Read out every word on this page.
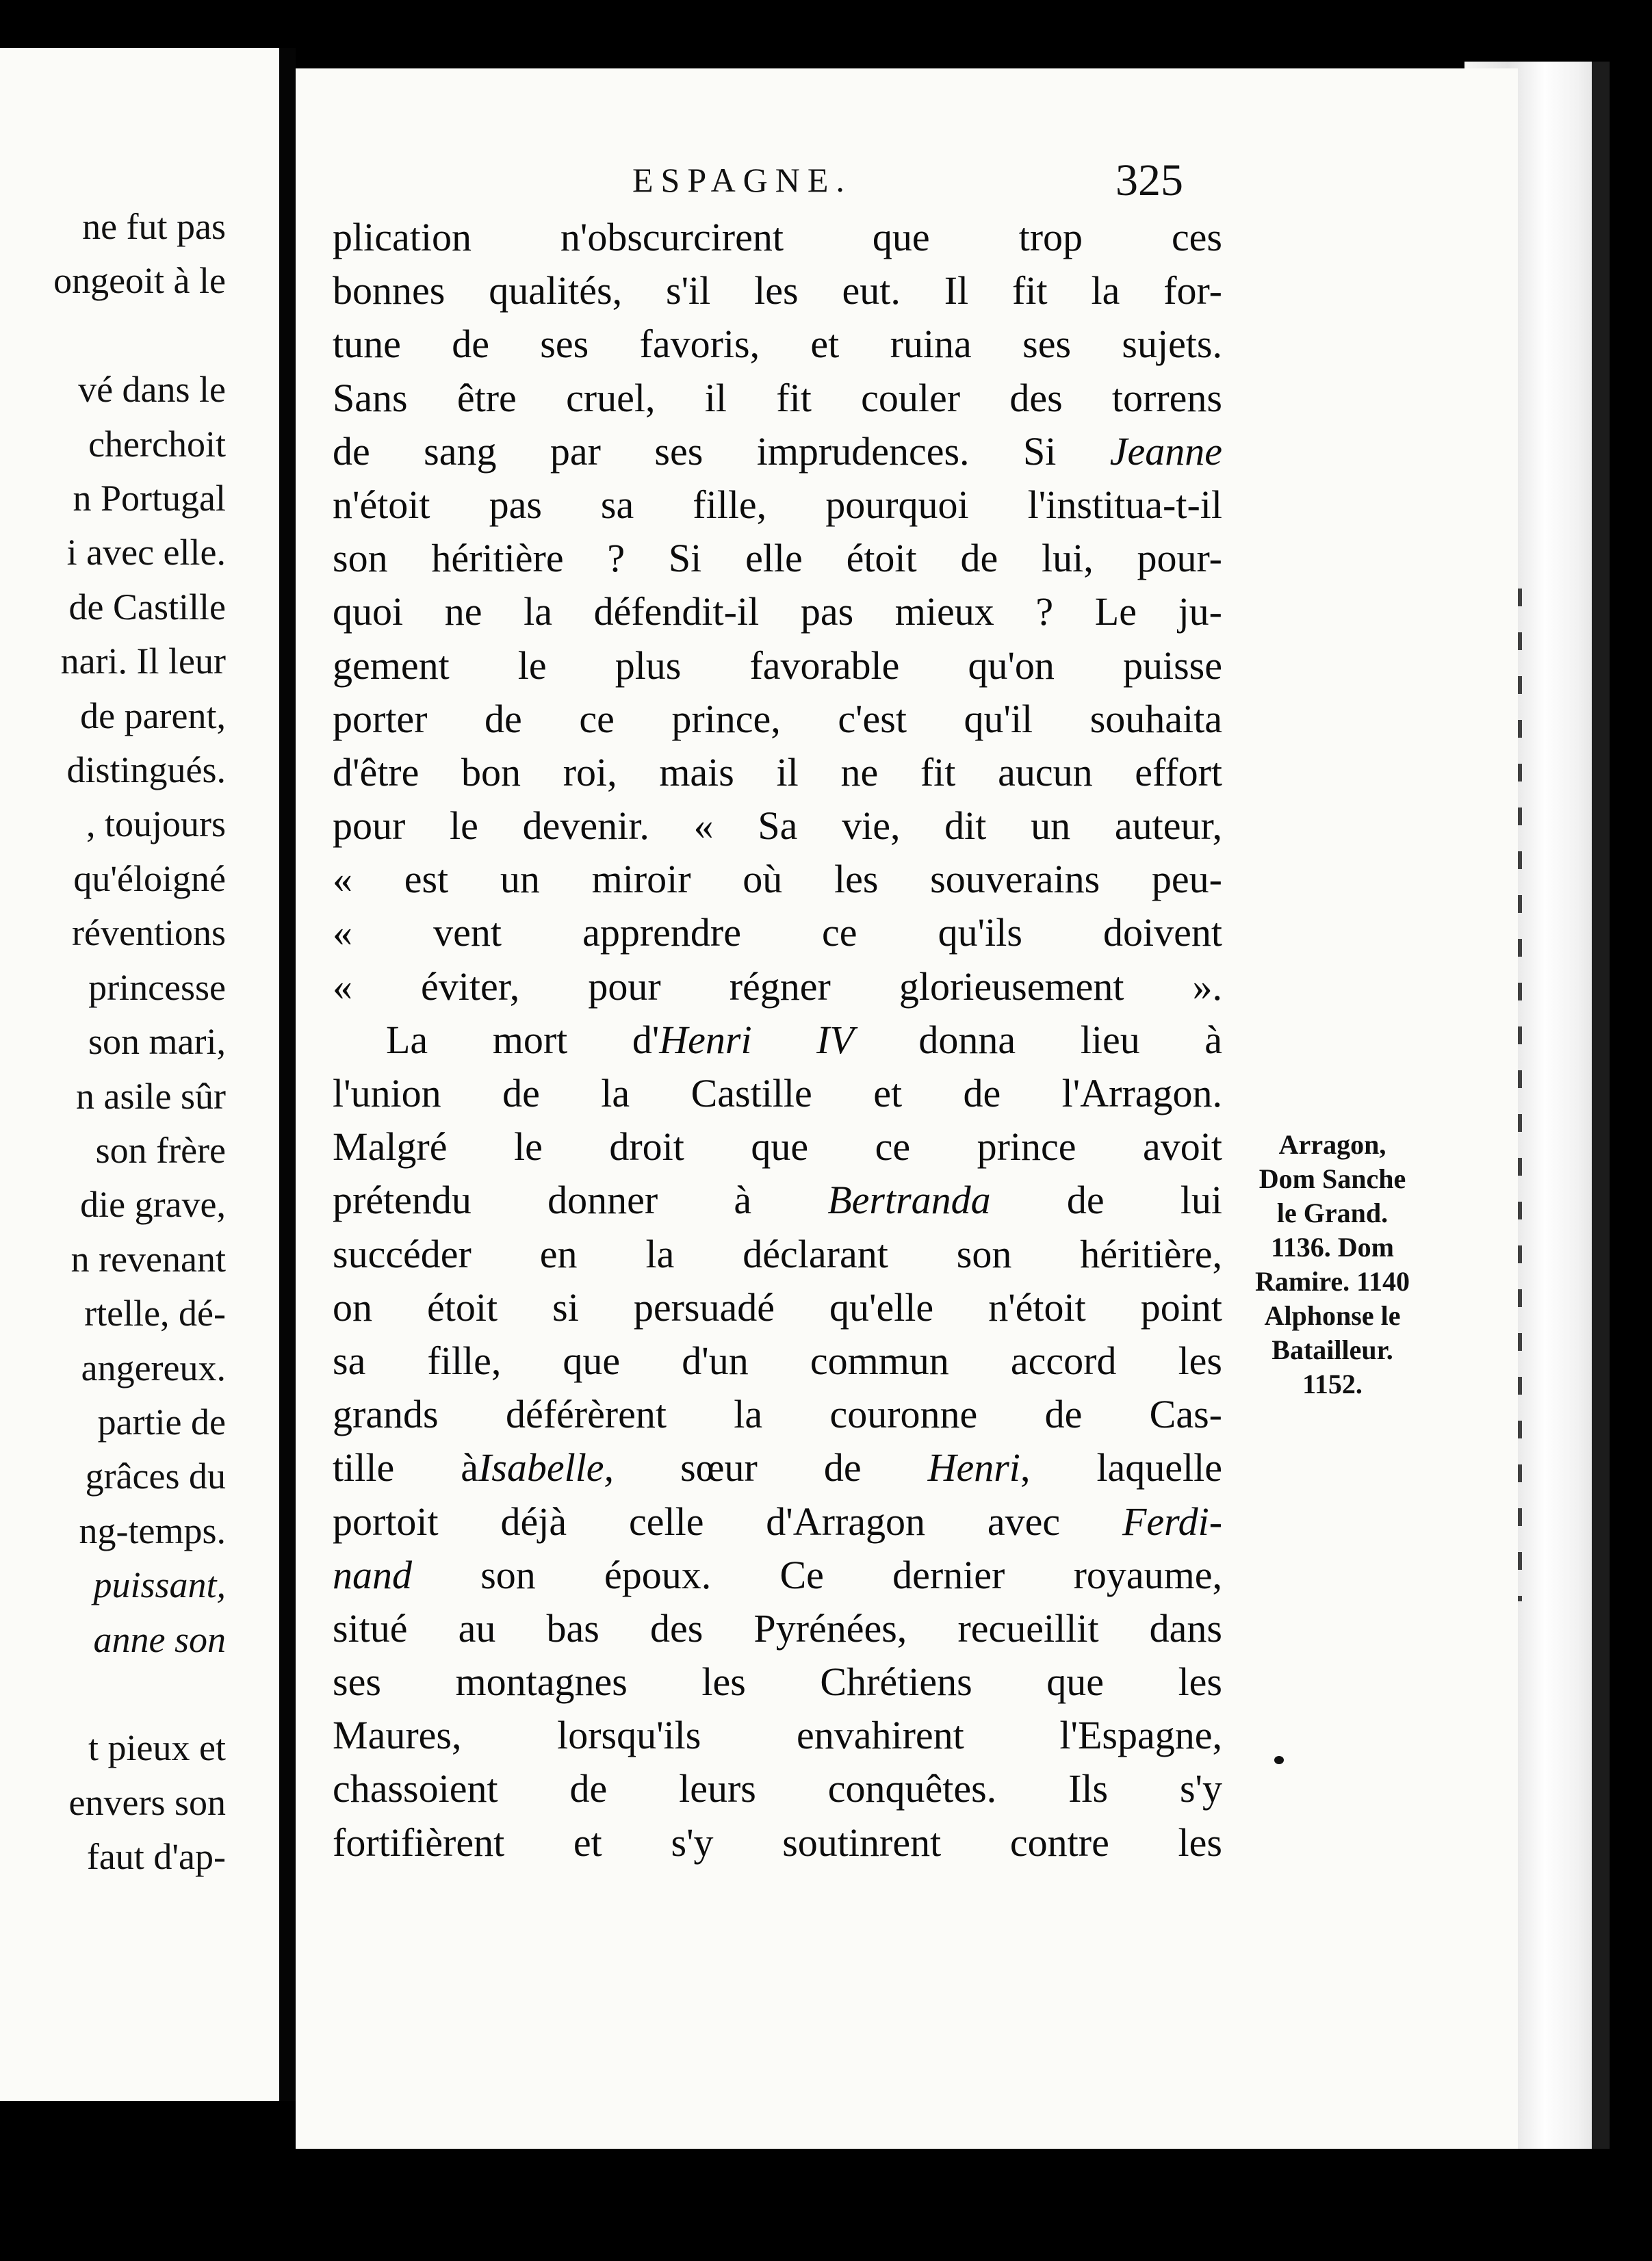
ne fut pas
ongeoit à le

vé dans le
cherchoit
n Portugal
i avec elle.
de Castille
nari. Il leur
de parent,
distingués.
, toujours
qu'éloigné
réventions
princesse
son mari,
n asile sûr
son frère
die grave,
n revenant
rtelle, dé-
angereux.
partie de
grâces du
ng-temps.
puissant,
anne son

t pieux et
envers son
faut d'ap-
ESPAGNE.	325
plication n'obscurcirent que trop ces
bonnes qualités, s'il les eut. Il fit la for-
tune de ses favoris, et ruina ses sujets.
Sans être cruel, il fit couler des torrens
de sang par ses imprudences. Si Jeanne
n'étoit pas sa fille, pourquoi l'institua-t-il
son héritière ? Si elle étoit de lui, pour-
quoi ne la défendit-il pas mieux ? Le ju-
gement le plus favorable qu'on puisse
porter de ce prince, c'est qu'il souhaita
d'être bon roi, mais il ne fit aucun effort
pour le devenir. « Sa vie, dit un auteur,
« est un miroir où les souverains peu-
« vent apprendre ce qu'ils doivent
« éviter, pour régner glorieusement ».
La mort d'Henri IV donna lieu à
l'union de la Castille et de l'Arragon.
Malgré le droit que ce prince avoit
prétendu donner à Bertranda de lui
succéder en la déclarant son héritière,
on étoit si persuadé qu'elle n'étoit point
sa fille, que d'un commun accord les
grands déférèrent la couronne de Cas-
tille àIsabelle, sœur de Henri, laquelle
portoit déjà celle d'Arragon avec Ferdi-
nand son époux. Ce dernier royaume,
situé au bas des Pyrénées, recueillit dans
ses montagnes les Chrétiens que les
Maures, lorsqu'ils envahirent l'Espagne,
chassoient de leurs conquêtes. Ils s'y
fortifièrent et s'y soutinrent contre les
Arragon,
Dom Sanche
le Grand.
1136. Dom
Ramire. 1140
Alphonse le
Batailleur.
1152.
